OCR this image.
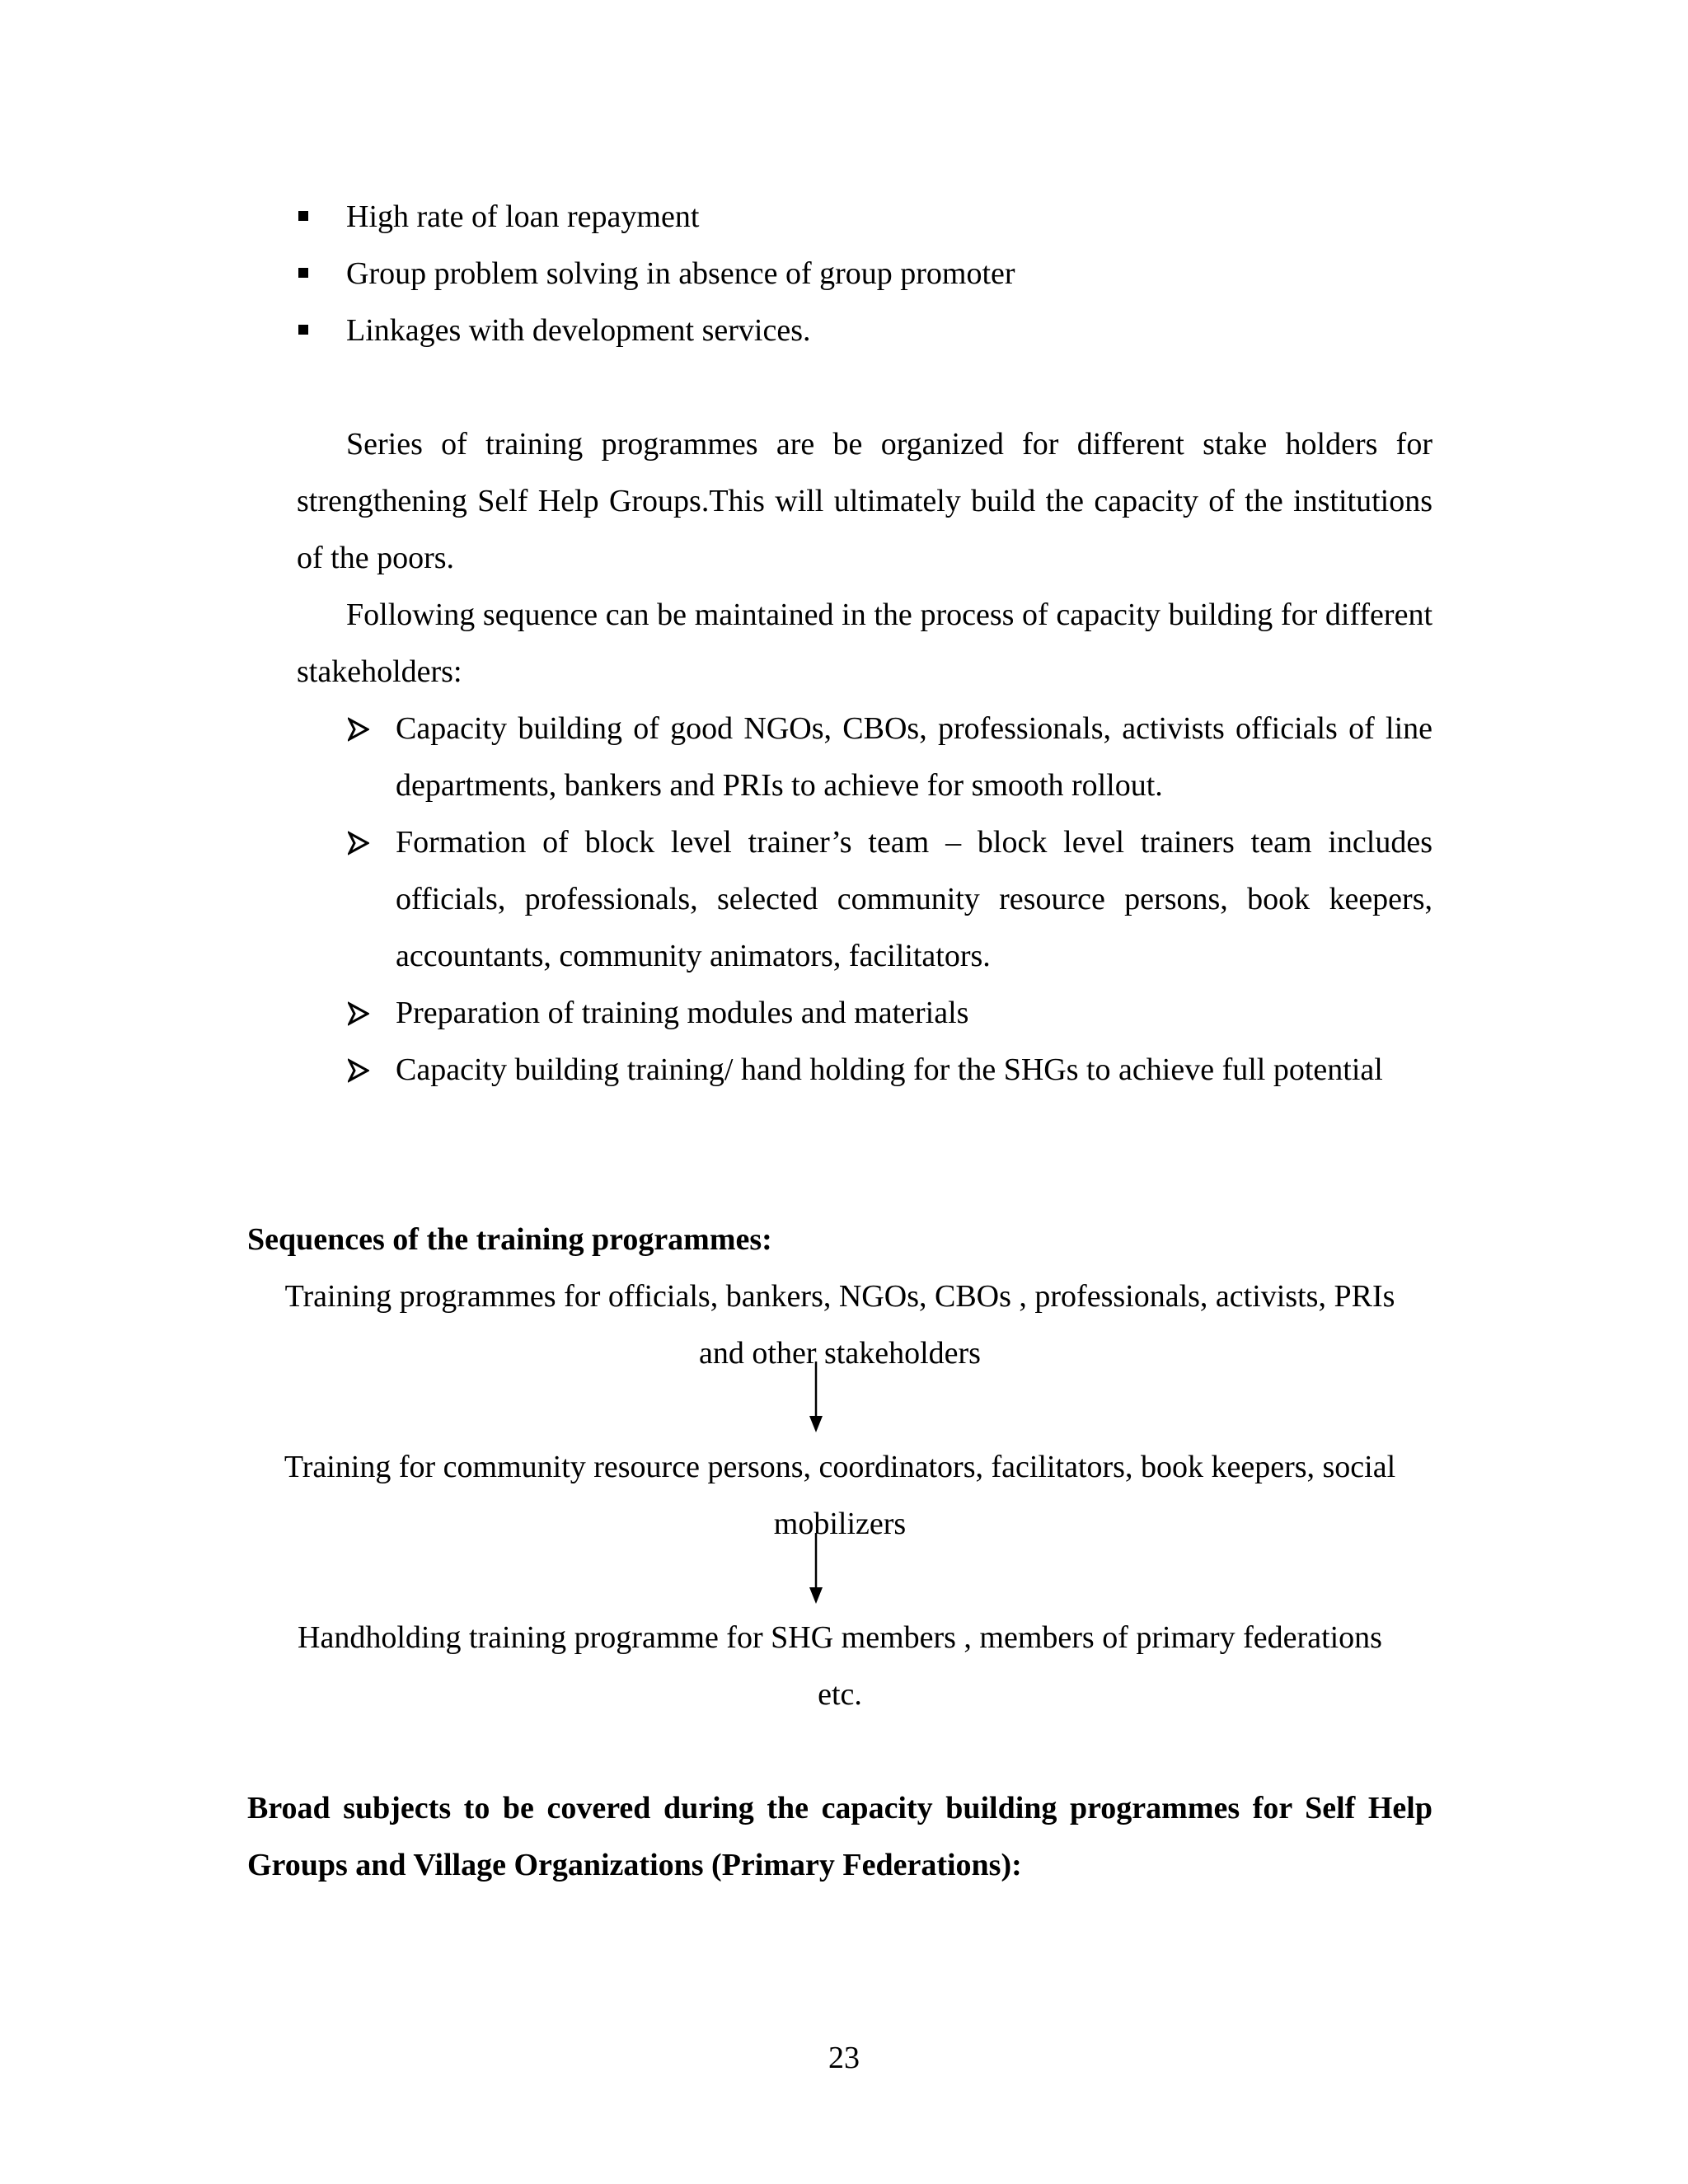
High rate of loan repayment
Group problem solving in absence of group promoter
Linkages with development services.

Series of training programmes are be organized for different stake holders for strengthening Self Help Groups.This will ultimately build the capacity of the institutions of the poors.

Following sequence can be maintained in the process of capacity building for different stakeholders:

Capacity building of good NGOs, CBOs, professionals, activists officials of line departments, bankers and PRIs to achieve for smooth rollout.
Formation of block level trainer’s team – block level trainers team includes officials, professionals, selected community resource persons, book keepers, accountants, community animators, facilitators.
Preparation of training modules and materials
Capacity building training/ hand holding for the SHGs to achieve full potential

Sequences of the training programmes:

Training programmes for officials, bankers, NGOs, CBOs , professionals, activists, PRIs
and other stakeholders

Training for community resource persons, coordinators, facilitators, book keepers, social
mobilizers

Handholding training programme for SHG members , members of primary federations
etc.

Broad subjects to be covered during the capacity building programmes for Self Help Groups and Village Organizations (Primary Federations):

23
